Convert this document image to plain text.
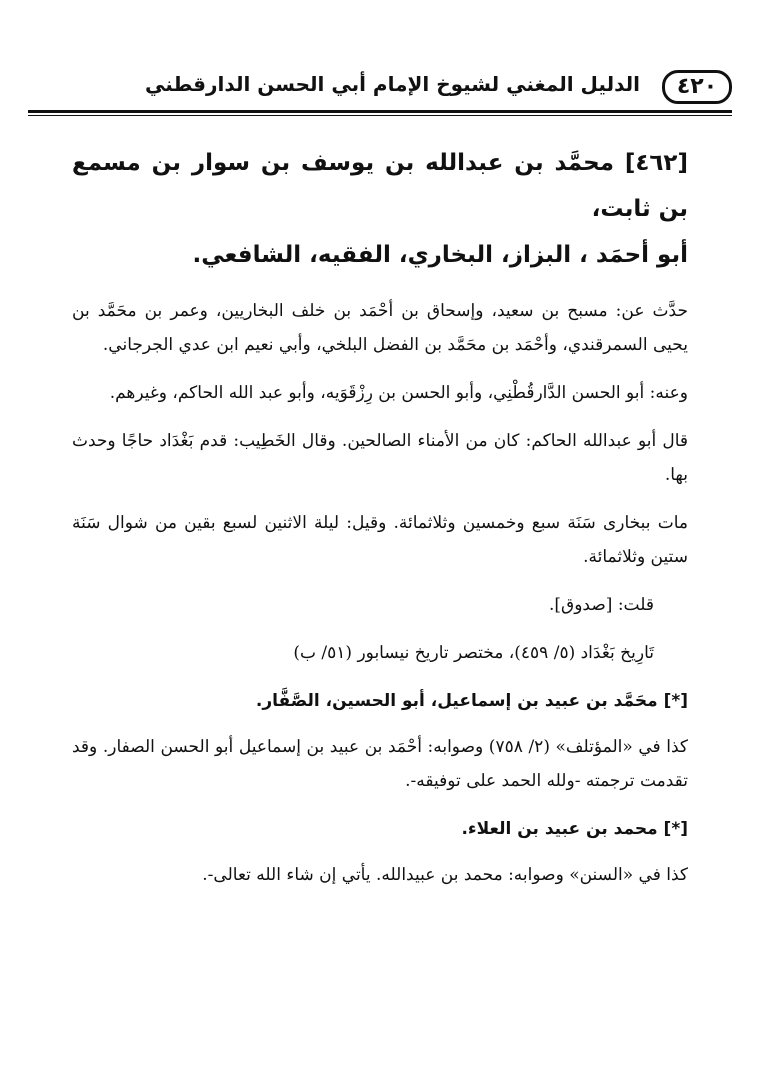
٤٢٠
الدليل المغني لشيوخ الإمام أبي الحسن الدارقطني
[٤٦٢] محمَّد بن عبدالله بن يوسف بن سوار بن مسمع بن ثابت،
أبو أحمَد ، البزاز، البخاري، الفقيه، الشافعي.

حدَّث عن: مسبح بن سعيد، وإسحاق بن أحْمَد بن خلف البخاريين، وعمر بن محَمَّد بن يحيى السمرقندي، وأحْمَد بن محَمَّد بن الفضل البلخي، وأبي نعيم ابن عدي الجرجاني.

وعنه: أبو الحسن الدَّارقُطْنِي، وأبو الحسن بن رِزْقَوَيه، وأبو عبد الله الحاكم، وغيرهم.

قال أبو عبدالله الحاكم: كان من الأمناء الصالحين. وقال الخَطِيب: قدم بَغْدَاد حاجًا وحدث بها.

مات ببخارى سَنَة سبع وخمسين وثلاثمائة. وقيل: ليلة الاثنين لسبع بقين من شوال سَنَة ستين وثلاثمائة.

قلت: [صدوق].

تَارِيخ بَغْدَاد (٥/ ٤٥٩)، مختصر تاريخ نيسابور (٥١/ ب)

[*] محَمَّد بن عبيد بن إسماعيل، أبو الحسين، الصَّفَّار.

كذا في «المؤتلف» (٢/ ٧٥٨) وصوابه: أحْمَد بن عبيد بن إسماعيل أبو الحسن الصفار. وقد تقدمت ترجمته -ولله الحمد على توفيقه-.

[*] محمد بن عبيد بن العلاء.

كذا في «السنن» وصوابه: محمد بن عبيدالله. يأتي إن شاء الله تعالى-.
